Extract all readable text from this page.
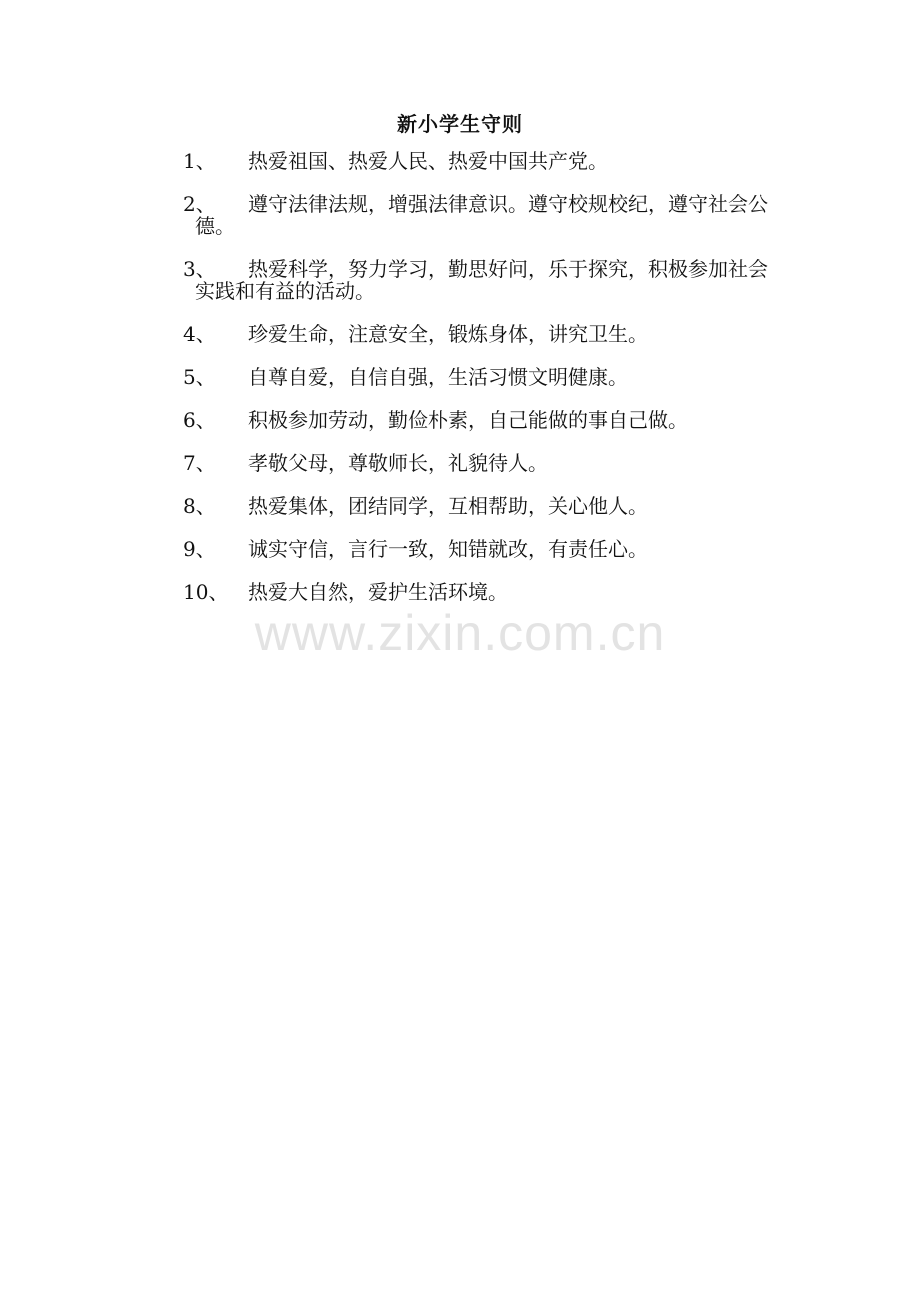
新小学生守则
1、	热爱祖国、热爱人民、热爱中国共产党。
2、	遵守法律法规，增强法律意识。遵守校规校纪，遵守社会公德。
3、	热爱科学，努力学习，勤思好问，乐于探究，积极参加社会实践和有益的活动。
4、	珍爱生命，注意安全，锻炼身体，讲究卫生。
5、	自尊自爱，自信自强，生活习惯文明健康。
6、	积极参加劳动，勤俭朴素，自己能做的事自己做。
7、	孝敬父母，尊敬师长，礼貌待人。
8、	热爱集体，团结同学，互相帮助，关心他人。
9、	诚实守信，言行一致，知错就改，有责任心。
10、 热爱大自然，爱护生活环境。
www.zixin.com.cn
